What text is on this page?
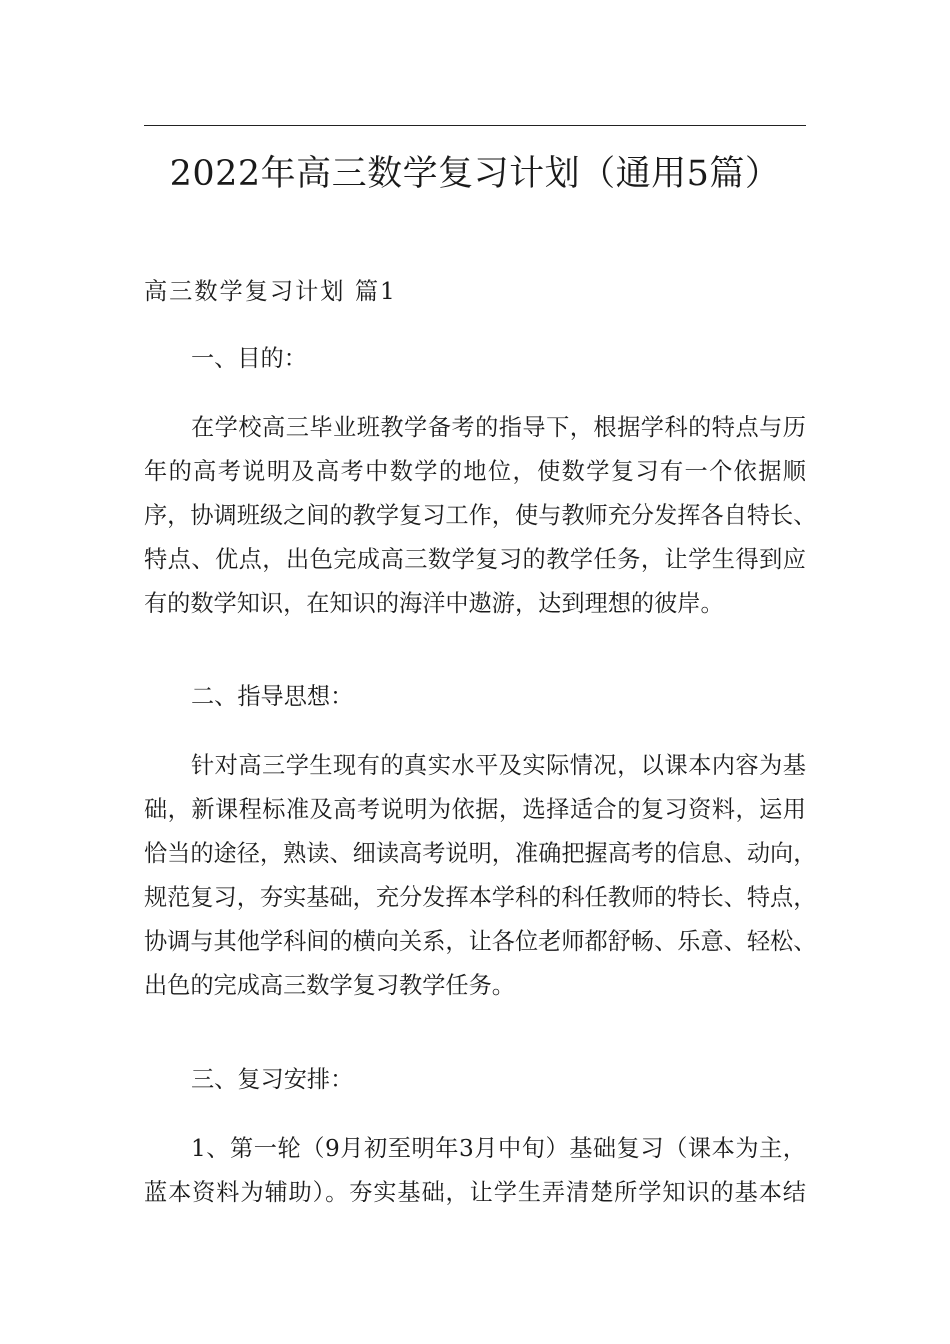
2022年高三数学复习计划（通用5篇）
高三数学复习计划 篇1
一、目的：
在学校高三毕业班教学备考的指导下，根据学科的特点与历
年的高考说明及高考中数学的地位，使数学复习有一个依据顺
序，协调班级之间的教学复习工作，使与教师充分发挥各自特长、
特点、优点，出色完成高三数学复习的教学任务，让学生得到应
有的数学知识，在知识的海洋中遨游，达到理想的彼岸。
二、指导思想：
针对高三学生现有的真实水平及实际情况，以课本内容为基
础，新课程标准及高考说明为依据，选择适合的复习资料，运用
恰当的途径，熟读、细读高考说明，准确把握高考的信息、动向，
规范复习，夯实基础，充分发挥本学科的科任教师的特长、特点，
协调与其他学科间的横向关系，让各位老师都舒畅、乐意、轻松、
出色的完成高三数学复习教学任务。
三、复习安排：
1、第一轮（9月初至明年3月中旬）基础复习（课本为主，
蓝本资料为辅助）。夯实基础，让学生弄清楚所学知识的基本结
